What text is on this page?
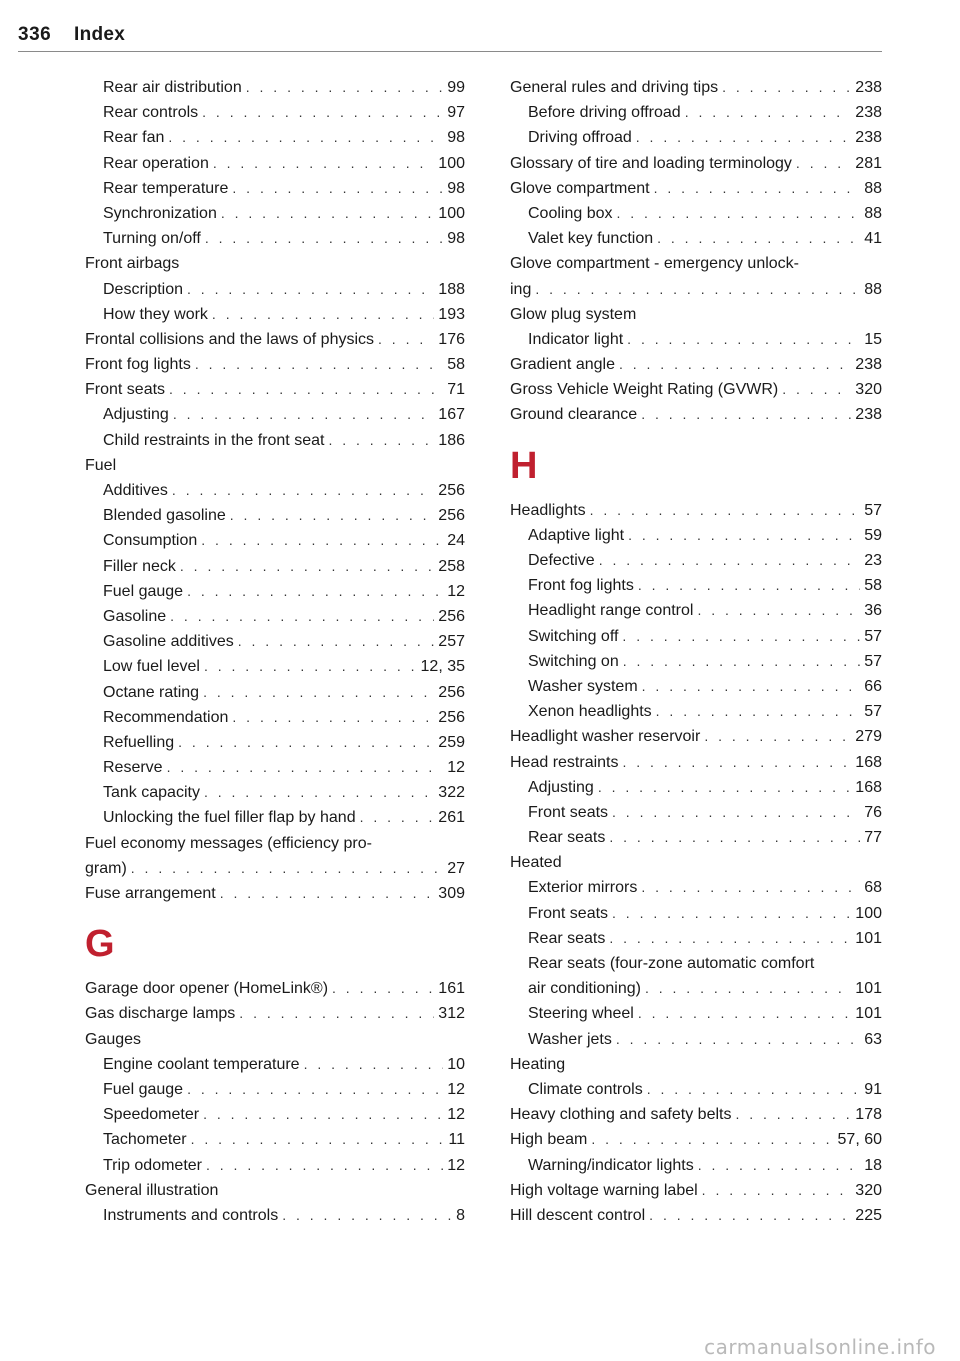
336 Index
Rear air distribution . . .	99
Rear controls . . .	97
Rear fan . . .	98
Rear operation . . .	100
Rear temperature . . .	98
Synchronization . . .	100
Turning on/off . . .	98
Front airbags
Description . . .	188
How they work . . .	193
Frontal collisions and the laws of physics . . .	176
Front fog lights . . .	58
Front seats . . .	71
Adjusting . . .	167
Child restraints in the front seat . . .	186
Fuel
Additives . . .	256
Blended gasoline . . .	256
Consumption . . .	24
Filler neck . . .	258
Fuel gauge . . .	12
Gasoline . . .	256
Gasoline additives . . .	257
Low fuel level . . .	12, 35
Octane rating . . .	256
Recommendation . . .	256
Refuelling . . .	259
Reserve . . .	12
Tank capacity . . .	322
Unlocking the fuel filler flap by hand . . .	261
Fuel economy messages (efficiency pro-
gram) . . .	27
Fuse arrangement . . .	309
G
Garage door opener (HomeLink®) . . .	161
Gas discharge lamps . . .	312
Gauges
Engine coolant temperature . . .	10
Fuel gauge . . .	12
Speedometer . . .	12
Tachometer . . .	11
Trip odometer . . .	12
General illustration
Instruments and controls . . .	8
General rules and driving tips . . .	238
Before driving offroad . . .	238
Driving offroad . . .	238
Glossary of tire and loading terminology . . .	281
Glove compartment . . .	88
Cooling box . . .	88
Valet key function . . .	41
Glove compartment - emergency unlock-
ing . . .	88
Glow plug system
Indicator light . . .	15
Gradient angle . . .	238
Gross Vehicle Weight Rating (GVWR) . . .	320
Ground clearance . . .	238
H
Headlights . . .	57
Adaptive light . . .	59
Defective . . .	23
Front fog lights . . .	58
Headlight range control . . .	36
Switching off . . .	57
Switching on . . .	57
Washer system . . .	66
Xenon headlights . . .	57
Headlight washer reservoir . . .	279
Head restraints . . .	168
Adjusting . . .	168
Front seats . . .	76
Rear seats . . .	77
Heated
Exterior mirrors . . .	68
Front seats . . .	100
Rear seats . . .	101
Rear seats (four-zone automatic comfort
air conditioning) . . .	101
Steering wheel . . .	101
Washer jets . . .	63
Heating
Climate controls . . .	91
Heavy clothing and safety belts . . .	178
High beam . . .	57, 60
Warning/indicator lights . . .	18
High voltage warning label . . .	320
Hill descent control . . .	225
carmanualsonline.info
